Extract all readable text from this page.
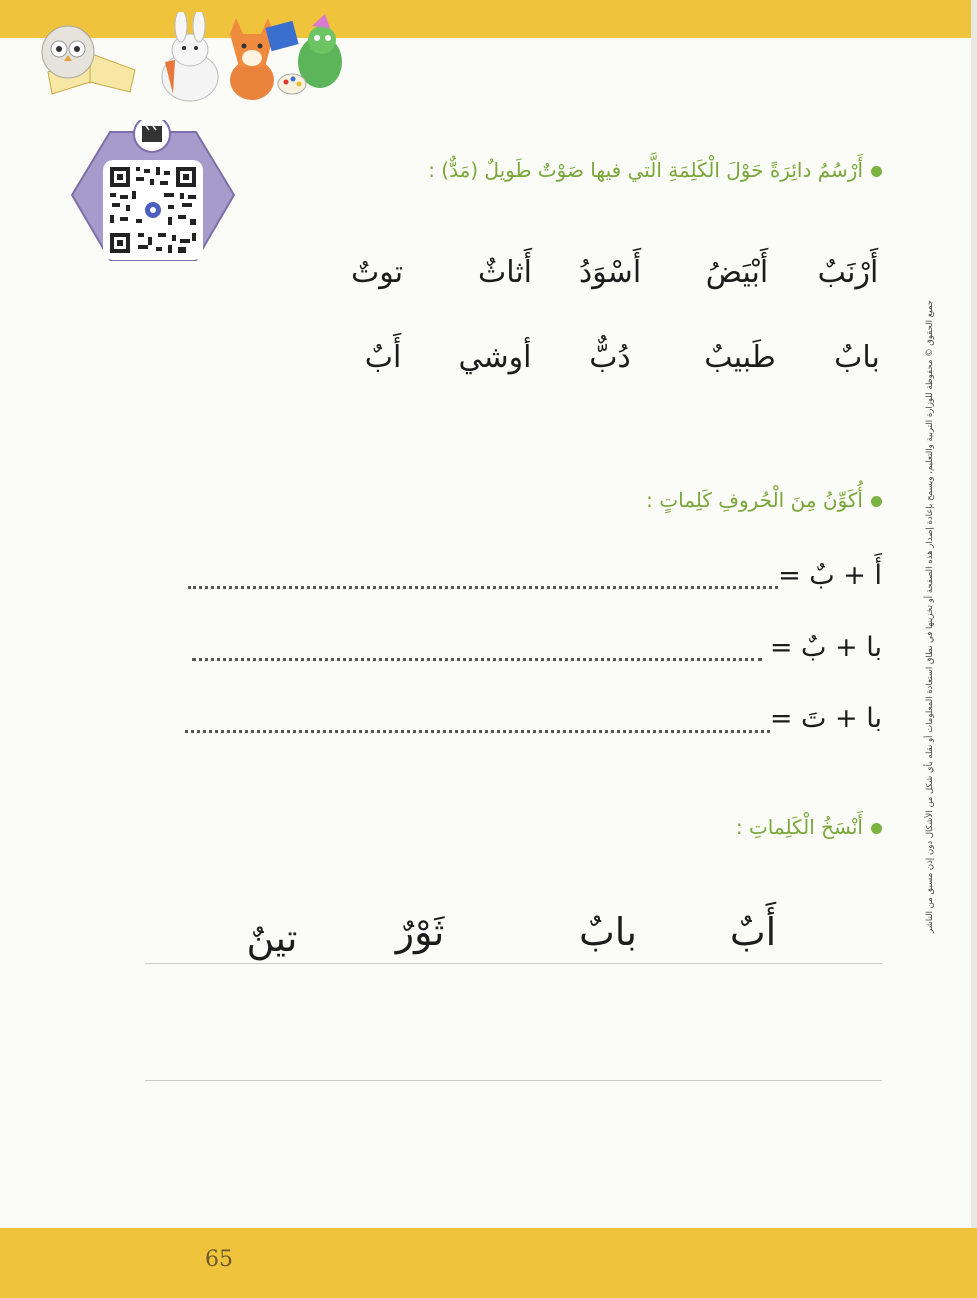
أَرْسُمُ دائِرَةً حَوْلَ الْكَلِمَةِ الَّتي فيها صَوْتٌ طَويلٌ (مَدٌّ) :
أَرْنَبٌ
أَبْيَضُ
أَسْوَدُ
أَثاثٌ
توتٌ
بابٌ
طَبيبٌ
دُبٌّ
أوشي
أَبٌ
أُكَوِّنُ مِنَ الْحُروفِ كَلِماتٍ :
أَ + بٌ =
با + بٌ =
با + تَ =
أَنْسَخُ الْكَلِماتِ :
أَبٌ
بابٌ
ثَوْرٌ
تينٌ
جميع الحقوق © محفوظة للوزارة التربية والتعليم، ويسمح بإعادة إصدار هذه الصفحة أو تخزينها في نطاق استعادة المعلومات أو نقله بأي شكل من الأشكال دون إذن مسبق من الناشر
65
